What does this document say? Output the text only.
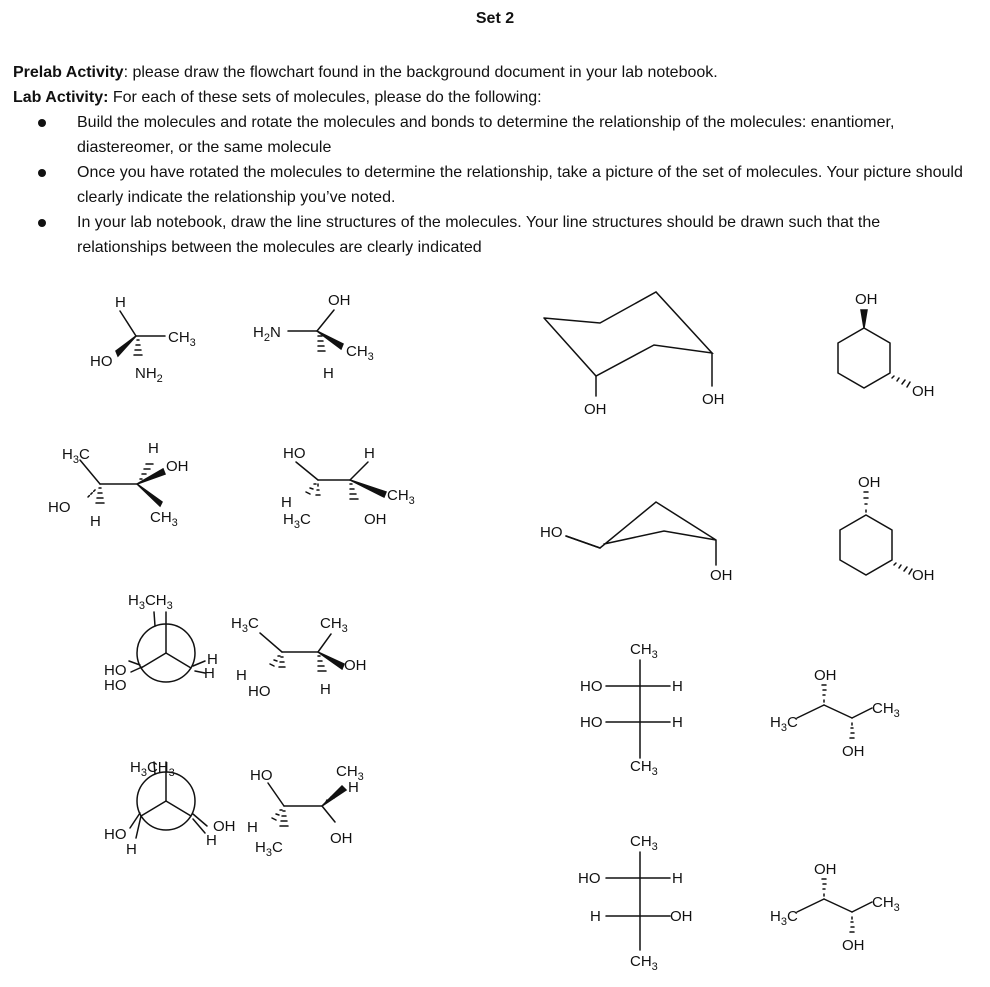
Set 2
Prelab Activity: please draw the flowchart found in the background document in your lab notebook.
Lab Activity: For each of these sets of molecules, please do the following:
Build the molecules and rotate the molecules and bonds to determine the relationship of the molecules: enantiomer, diastereomer, or the same molecule
Once you have rotated the molecules to determine the relationship, take a picture of the set of molecules. Your picture should clearly indicate the relationship you’ve noted.
In your lab notebook, draw the line structures of the molecules. Your line structures should be drawn such that the relationships between the molecules are clearly indicated
H
$CH_3$
HO
$NH_2$
$H_2N$
OH
$CH_3$
H
OH
OH
OH
OH
$H_3C$	H
OH
HO
H	$CH_3$
HO	H
$CH_3$
H
$H_3C$	OH
HO
OH
OH
OH
$H_3CH_3$
HO
HO
H
H
$H_3C$	$CH_3$
H
OH
HO	H
$CH_3$
HO	H
HO	H
$CH_3$
OH
$CH_3$
$H_3C$
OH
$H_3CH_3$
HO
H
OH
H
HO	$CH_3$
H
H
$H_3C$
OH	$CH_3$
HO	H
H	OH
$CH_3$
OH
$CH_3$
$H_3C$
OH
